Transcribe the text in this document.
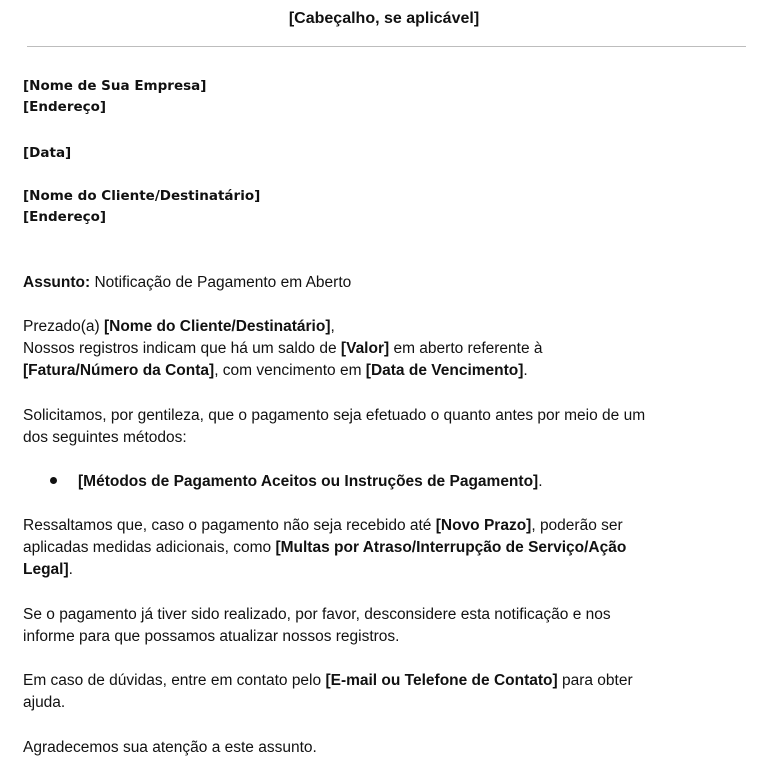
[Cabeçalho, se aplicável]
[Nome de Sua Empresa]
[Endereço]
[Data]
[Nome do Cliente/Destinatário]
[Endereço]
Assunto: Notificação de Pagamento em Aberto
Prezado(a) [Nome do Cliente/Destinatário],
Nossos registros indicam que há um saldo de [Valor] em aberto referente à
[Fatura/Número da Conta], com vencimento em [Data de Vencimento].
Solicitamos, por gentileza, que o pagamento seja efetuado o quanto antes por meio de um
dos seguintes métodos:
[Métodos de Pagamento Aceitos ou Instruções de Pagamento].
Ressaltamos que, caso o pagamento não seja recebido até [Novo Prazo], poderão ser
aplicadas medidas adicionais, como [Multas por Atraso/Interrupção de Serviço/Ação
Legal].
Se o pagamento já tiver sido realizado, por favor, desconsidere esta notificação e nos
informe para que possamos atualizar nossos registros.
Em caso de dúvidas, entre em contato pelo [E-mail ou Telefone de Contato] para obter
ajuda.
Agradecemos sua atenção a este assunto.
